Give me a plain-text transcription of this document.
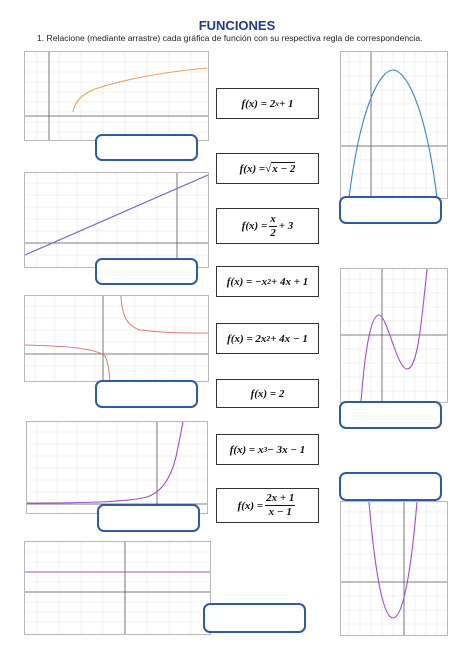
FUNCIONES
1. Relacione (mediante arrastre) cada gráfica de función con su respectiva regla de correspondencia.
f(x) = 2 x + 1
f(x) = √ x − 2
$f(x) = \frac{x}{2} + 3$
f(x) = −x 2 + 4x + 1
f(x) = 2x 2 + 4x − 1
f(x) = 2
f(x) = x 3 − 3x − 1
$f(x) = \frac{2x + 1}{x - 1}$
